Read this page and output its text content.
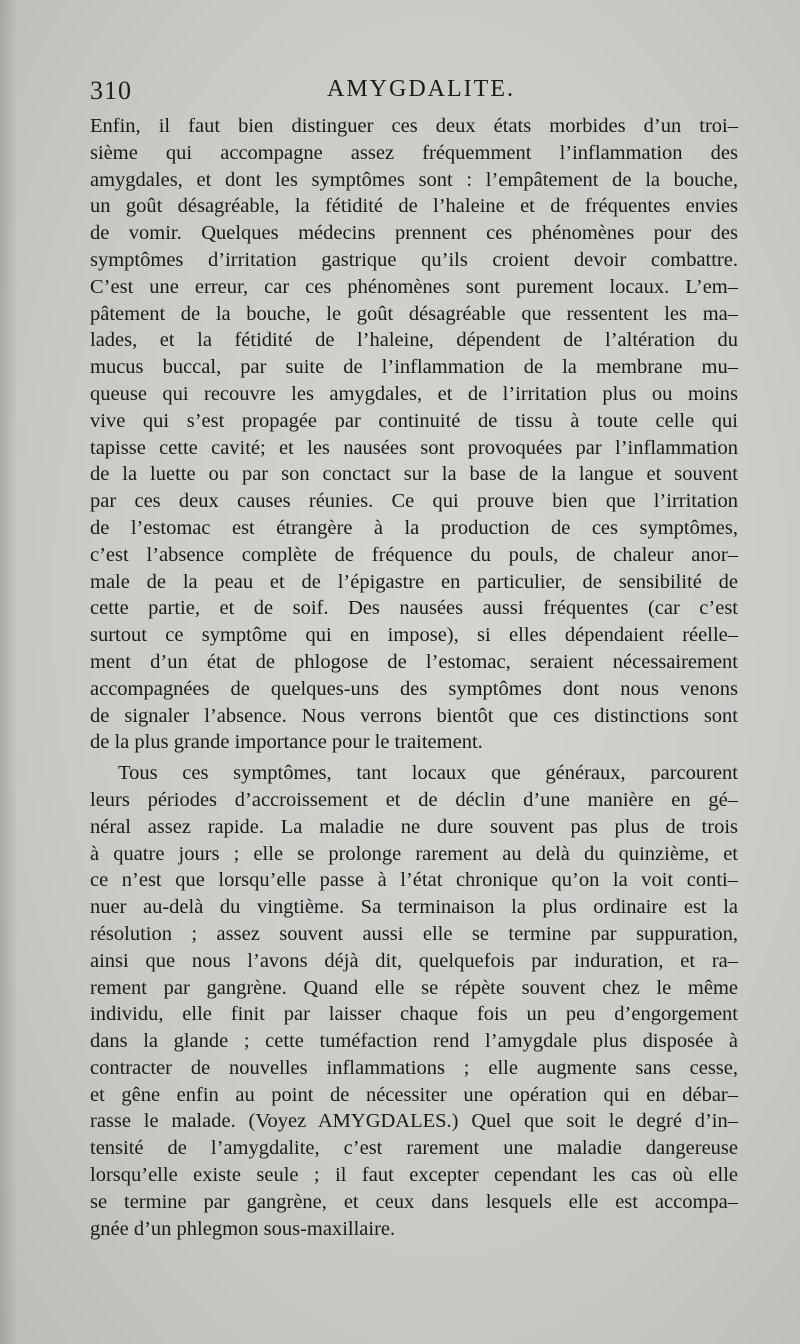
310	AMYGDALITE.
Enfin, il faut bien distinguer ces deux états morbides d’un troi–
sième qui accompagne assez fréquemment l’inflammation des
amygdales, et dont les symptômes sont : l’empâtement de la bouche,
un goût désagréable, la fétidité de l’haleine et de fréquentes envies
de vomir. Quelques médecins prennent ces phénomènes pour des
symptômes d’irritation gastrique qu’ils croient devoir combattre.
C’est une erreur, car ces phénomènes sont purement locaux. L’em–
pâtement de la bouche, le goût désagréable que ressentent les ma–
lades, et la fétidité de l’haleine, dépendent de l’altération du
mucus buccal, par suite de l’inflammation de la membrane mu–
queuse qui recouvre les amygdales, et de l’irritation plus ou moins
vive qui s’est propagée par continuité de tissu à toute celle qui
tapisse cette cavité; et les nausées sont provoquées par l’inflammation
de la luette ou par son conctact sur la base de la langue et souvent
par ces deux causes réunies. Ce qui prouve bien que l’irritation
de l’estomac est étrangère à la production de ces symptômes,
c’est l’absence complète de fréquence du pouls, de chaleur anor–
male de la peau et de l’épigastre en particulier, de sensibilité de
cette partie, et de soif. Des nausées aussi fréquentes (car c’est
surtout ce symptôme qui en impose), si elles dépendaient réelle–
ment d’un état de phlogose de l’estomac, seraient nécessairement
accompagnées de quelques-uns des symptômes dont nous venons
de signaler l’absence. Nous verrons bientôt que ces distinctions sont
de la plus grande importance pour le traitement.
Tous ces symptômes, tant locaux que généraux, parcourent
leurs périodes d’accroissement et de déclin d’une manière en gé–
néral assez rapide. La maladie ne dure souvent pas plus de trois
à quatre jours ; elle se prolonge rarement au delà du quinzième, et
ce n’est que lorsqu’elle passe à l’état chronique qu’on la voit conti–
nuer au-delà du vingtième. Sa terminaison la plus ordinaire est la
résolution ; assez souvent aussi elle se termine par suppuration,
ainsi que nous l’avons déjà dit, quelquefois par induration, et ra–
rement par gangrène. Quand elle se répète souvent chez le même
individu, elle finit par laisser chaque fois un peu d’engorgement
dans la glande ; cette tuméfaction rend l’amygdale plus disposée à
contracter de nouvelles inflammations ; elle augmente sans cesse,
et gêne enfin au point de nécessiter une opération qui en débar–
rasse le malade. (Voyez AMYGDALES.) Quel que soit le degré d’in–
tensité de l’amygdalite, c’est rarement une maladie dangereuse
lorsqu’elle existe seule ; il faut excepter cependant les cas où elle
se termine par gangrène, et ceux dans lesquels elle est accompa–
gnée d’un phlegmon sous-maxillaire.
